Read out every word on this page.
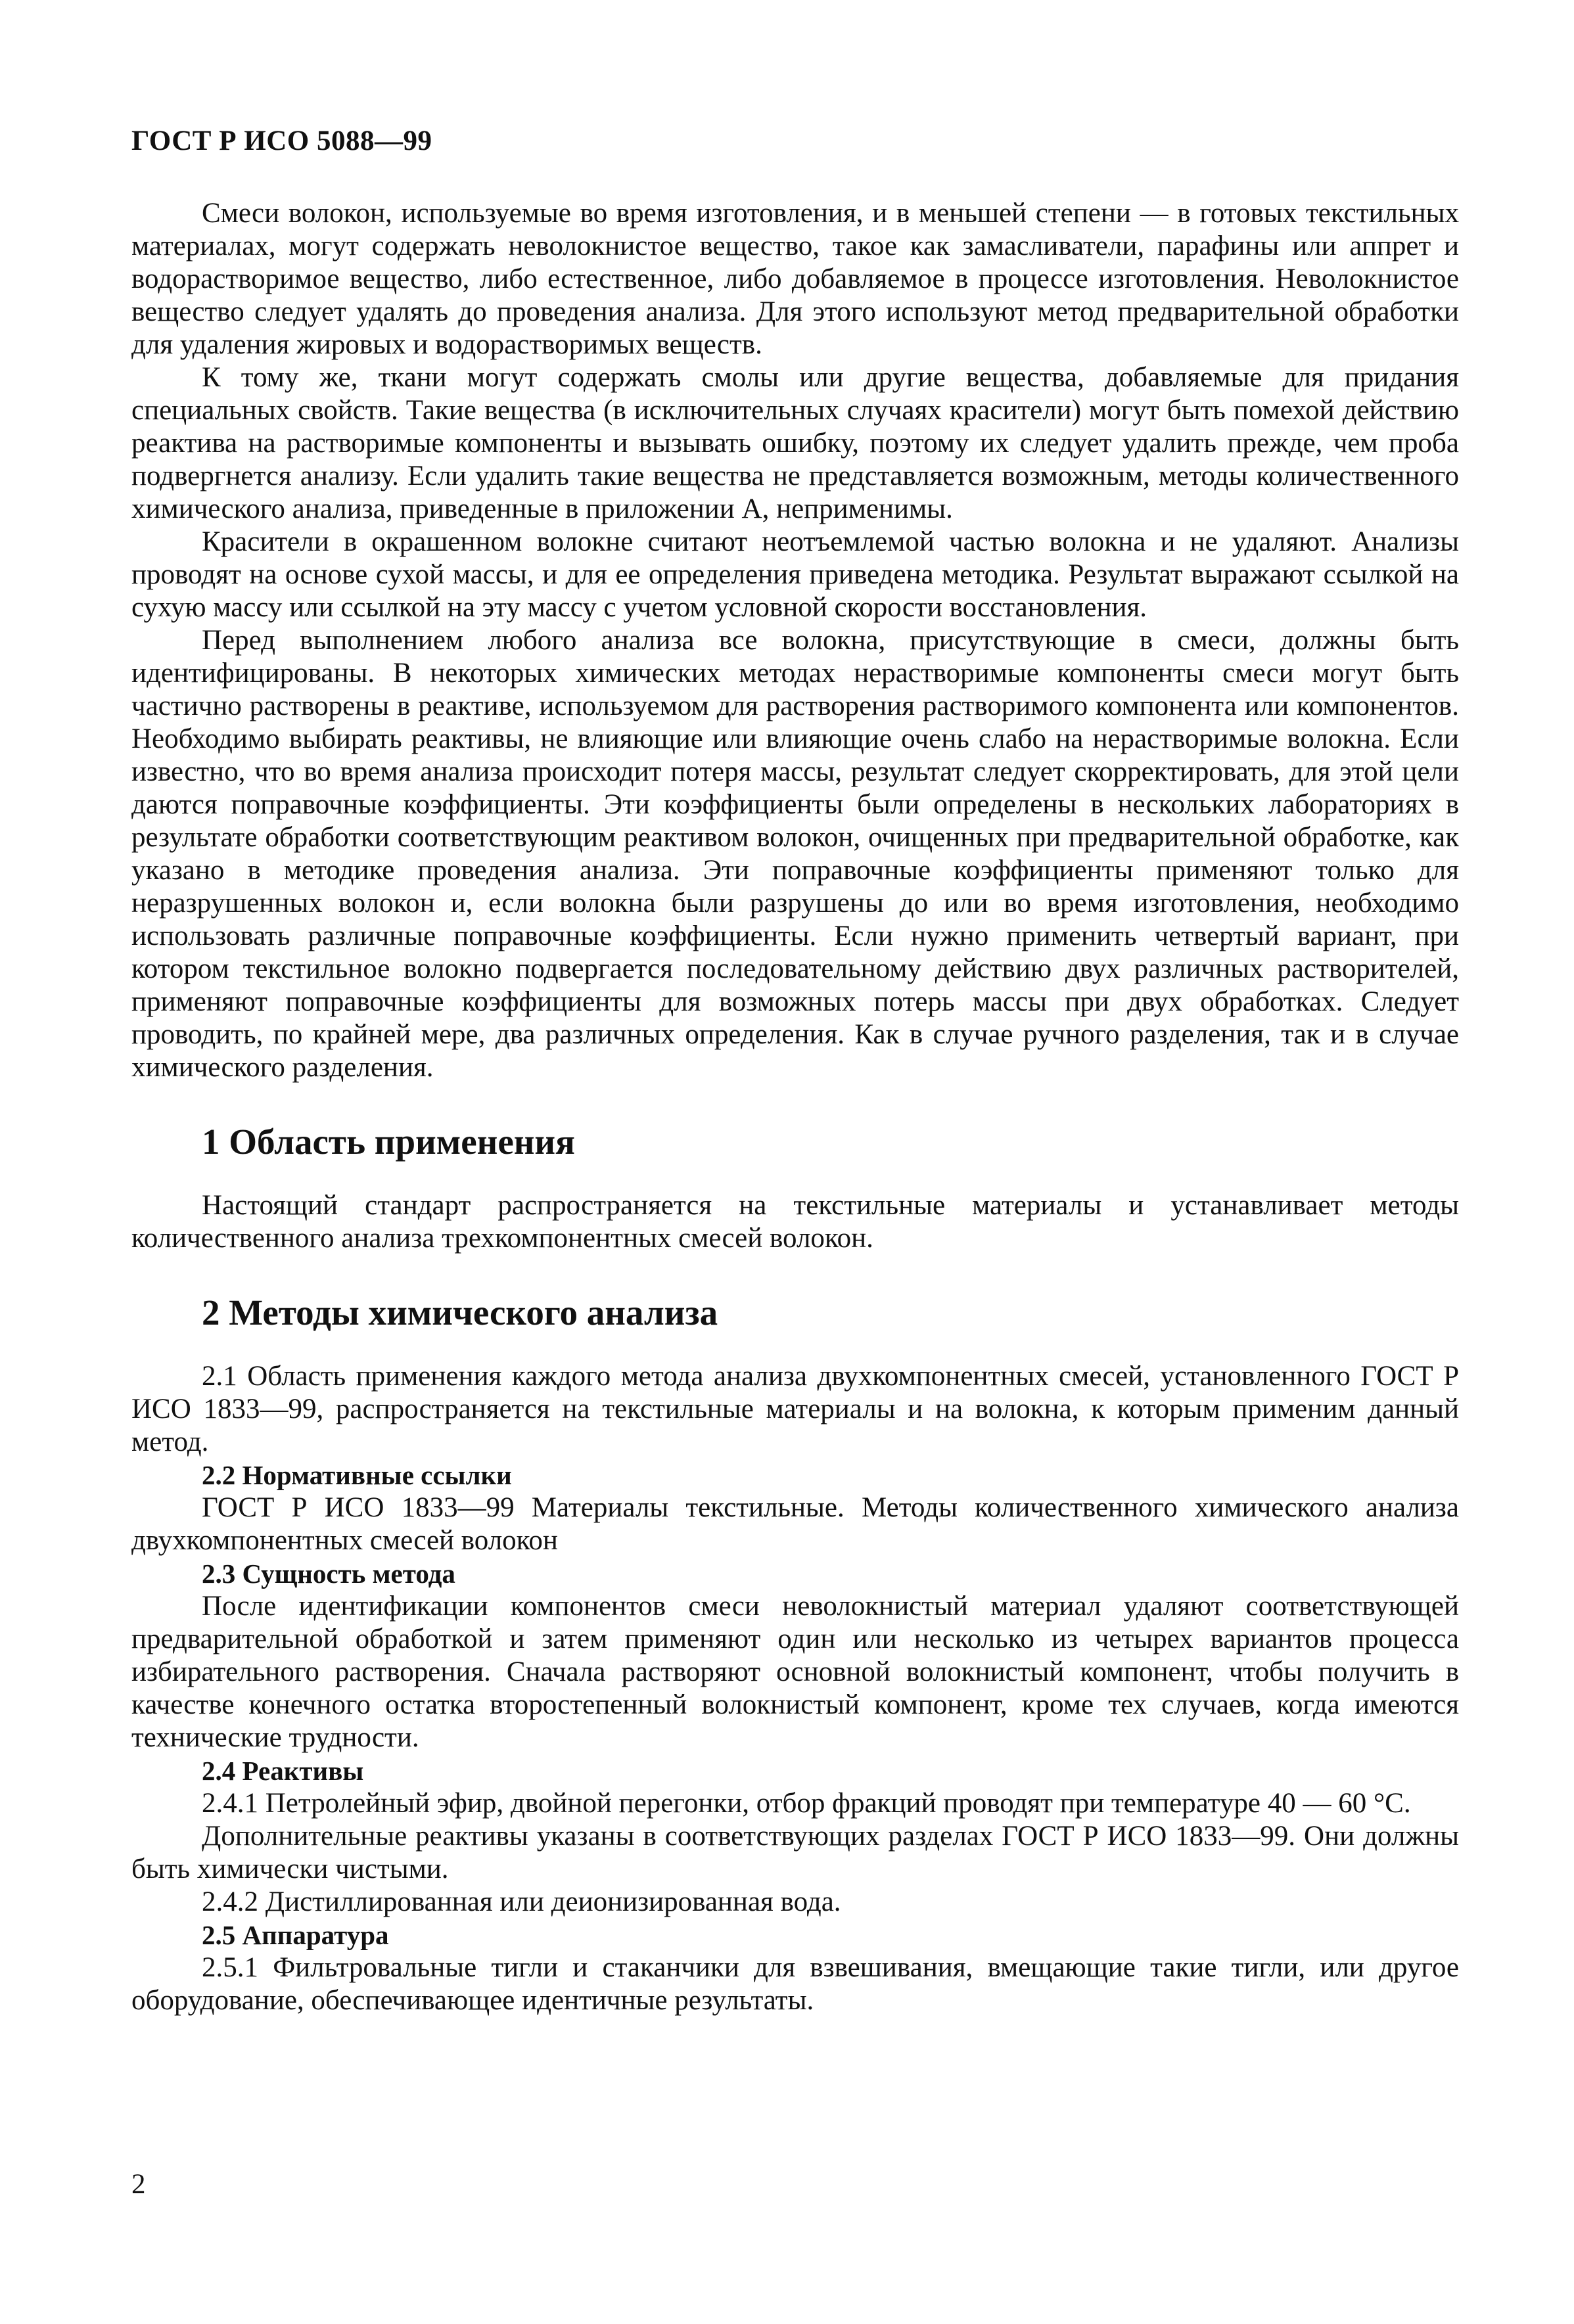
ГОСТ Р ИСО 5088—99

Смеси волокон, используемые во время изготовления, и в меньшей степени — в готовых текстильных материалах, могут содержать неволокнистое вещество, такое как замасливатели, парафины или аппрет и водорастворимое вещество, либо естественное, либо добавляемое в процессе изготовления. Неволокнистое вещество следует удалять до проведения анализа. Для этого используют метод предварительной обработки для удаления жировых и водорастворимых веществ.

К тому же, ткани могут содержать смолы или другие вещества, добавляемые для придания специальных свойств. Такие вещества (в исключительных случаях красители) могут быть помехой действию реактива на растворимые компоненты и вызывать ошибку, поэтому их следует удалить прежде, чем проба подвергнется анализу. Если удалить такие вещества не представляется возможным, методы количественного химического анализа, приведенные в приложении А, неприменимы.

Красители в окрашенном волокне считают неотъемлемой частью волокна и не удаляют. Анализы проводят на основе сухой массы, и для ее определения приведена методика. Результат выражают ссылкой на сухую массу или ссылкой на эту массу с учетом условной скорости восстановления.

Перед выполнением любого анализа все волокна, присутствующие в смеси, должны быть идентифицированы. В некоторых химических методах нерастворимые компоненты смеси могут быть частично растворены в реактиве, используемом для растворения растворимого компонента или компонентов. Необходимо выбирать реактивы, не влияющие или влияющие очень слабо на нерастворимые волокна. Если известно, что во время анализа происходит потеря массы, результат следует скорректировать, для этой цели даются поправочные коэффициенты. Эти коэффициенты были определены в нескольких лабораториях в результате обработки соответствующим реактивом волокон, очищенных при предварительной обработке, как указано в методике проведения анализа. Эти поправочные коэффициенты применяют только для неразрушенных волокон и, если волокна были разрушены до или во время изготовления, необходимо использовать различные поправочные коэффициенты. Если нужно применить четвертый вариант, при котором текстильное волокно подвергается последовательному действию двух различных растворителей, применяют поправочные коэффициенты для возможных потерь массы при двух обработках. Следует проводить, по крайней мере, два различных определения. Как в случае ручного разделения, так и в случае химического разделения.

1 Область применения

Настоящий стандарт распространяется на текстильные материалы и устанавливает методы количественного анализа трехкомпонентных смесей волокон.

2 Методы химического анализа

2.1 Область применения каждого метода анализа двухкомпонентных смесей, установленного ГОСТ Р ИСО 1833—99, распространяется на текстильные материалы и на волокна, к которым применим данный метод.

2.2 Нормативные ссылки

ГОСТ Р ИСО 1833—99 Материалы текстильные. Методы количественного химического анализа двухкомпонентных смесей волокон

2.3 Сущность метода

После идентификации компонентов смеси неволокнистый материал удаляют соответствующей предварительной обработкой и затем применяют один или несколько из четырех вариантов процесса избирательного растворения. Сначала растворяют основной волокнистый компонент, чтобы получить в качестве конечного остатка второстепенный волокнистый компонент, кроме тех случаев, когда имеются технические трудности.

2.4 Реактивы

2.4.1 Петролейный эфир, двойной перегонки, отбор фракций проводят при температуре 40 — 60 °С.

Дополнительные реактивы указаны в соответствующих разделах ГОСТ Р ИСО 1833—99. Они должны быть химически чистыми.

2.4.2 Дистиллированная или деионизированная вода.

2.5 Аппаратура

2.5.1 Фильтровальные тигли и стаканчики для взвешивания, вмещающие такие тигли, или другое оборудование, обеспечивающее идентичные результаты.

2
